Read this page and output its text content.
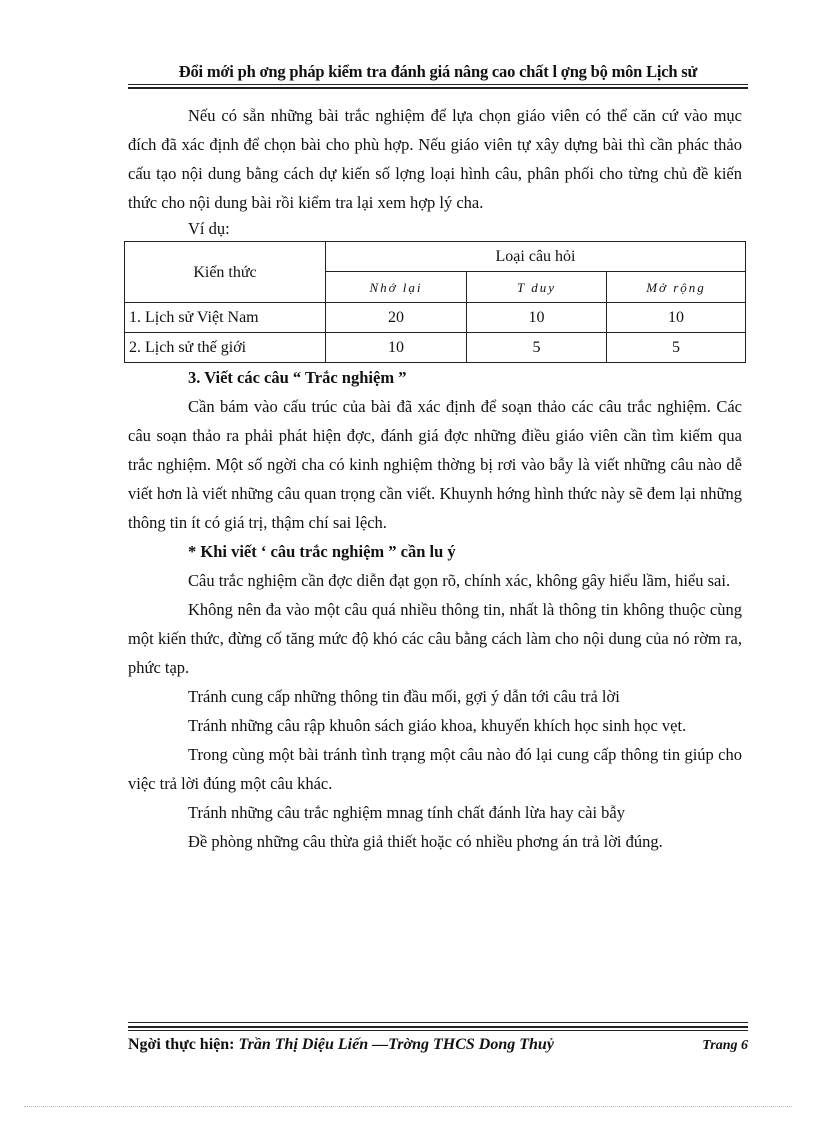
Đổi mới ph ơng pháp kiểm tra đánh giá nâng cao chất l ợng bộ môn Lịch sử

Nếu có sẵn những bài trắc nghiệm để lựa chọn giáo viên có thể căn cứ vào mục đích đã xác định để chọn bài cho phù hợp. Nếu giáo viên tự xây dựng bài thì cần phác thảo cấu tạo nội dung bằng cách dự kiến số lợng loại hình câu, phân phối cho từng chủ đề kiến thức cho nội dung bài rồi kiểm tra lại xem hợp lý cha.

Ví dụ:

Kiến thức	Loại câu hỏi		
	Nhớ lại	T duy	Mở rộng
1. Lịch sử Việt Nam	20	10	10
2. Lịch sử thế giới	10	5	5

3. Viết các câu “ Trắc nghiệm ”

Cần bám vào cấu trúc của bài đã xác định để soạn thảo các câu trắc nghiệm. Các câu soạn thảo ra phải phát hiện đợc, đánh giá đợc những điều giáo viên cần tìm kiếm qua trắc nghiệm. Một số ngời cha có kinh nghiệm thờng bị rơi vào bẫy là viết những câu nào dễ viết hơn là viết những câu quan trọng cần viết. Khuynh hớng hình thức này sẽ đem lại những thông tin ít có giá trị, thậm chí sai lệch.

* Khi viết ‘ câu trắc nghiệm ” cần lu ý

Câu trắc nghiệm cần đợc diễn đạt gọn rõ, chính xác, không gây hiểu lầm, hiểu sai.

Không nên đa vào một câu quá nhiều thông tin, nhất là thông tin không thuộc cùng một kiến thức, đừng cố tăng mức độ khó các câu bằng cách làm cho nội dung của nó rờm ra, phức tạp.

Tránh cung cấp những thông tin đầu mối, gợi ý dẫn tới câu trả lời

Tránh những câu rập khuôn sách giáo khoa, khuyến khích học sinh học vẹt.

Trong cùng một bài tránh tình trạng một câu nào đó lại cung cấp thông tin giúp cho việc trả lời đúng một câu khác.

Tránh những câu trắc nghiệm mnag tính chất đánh lừa hay cài bẫy

Đề phòng những câu thừa giả thiết hoặc có nhiều phơng án trả lời đúng.

Ngời thực hiện: Trần Thị Diệu Liến —Trờng THCS Dong Thuỷ	Trang 6
